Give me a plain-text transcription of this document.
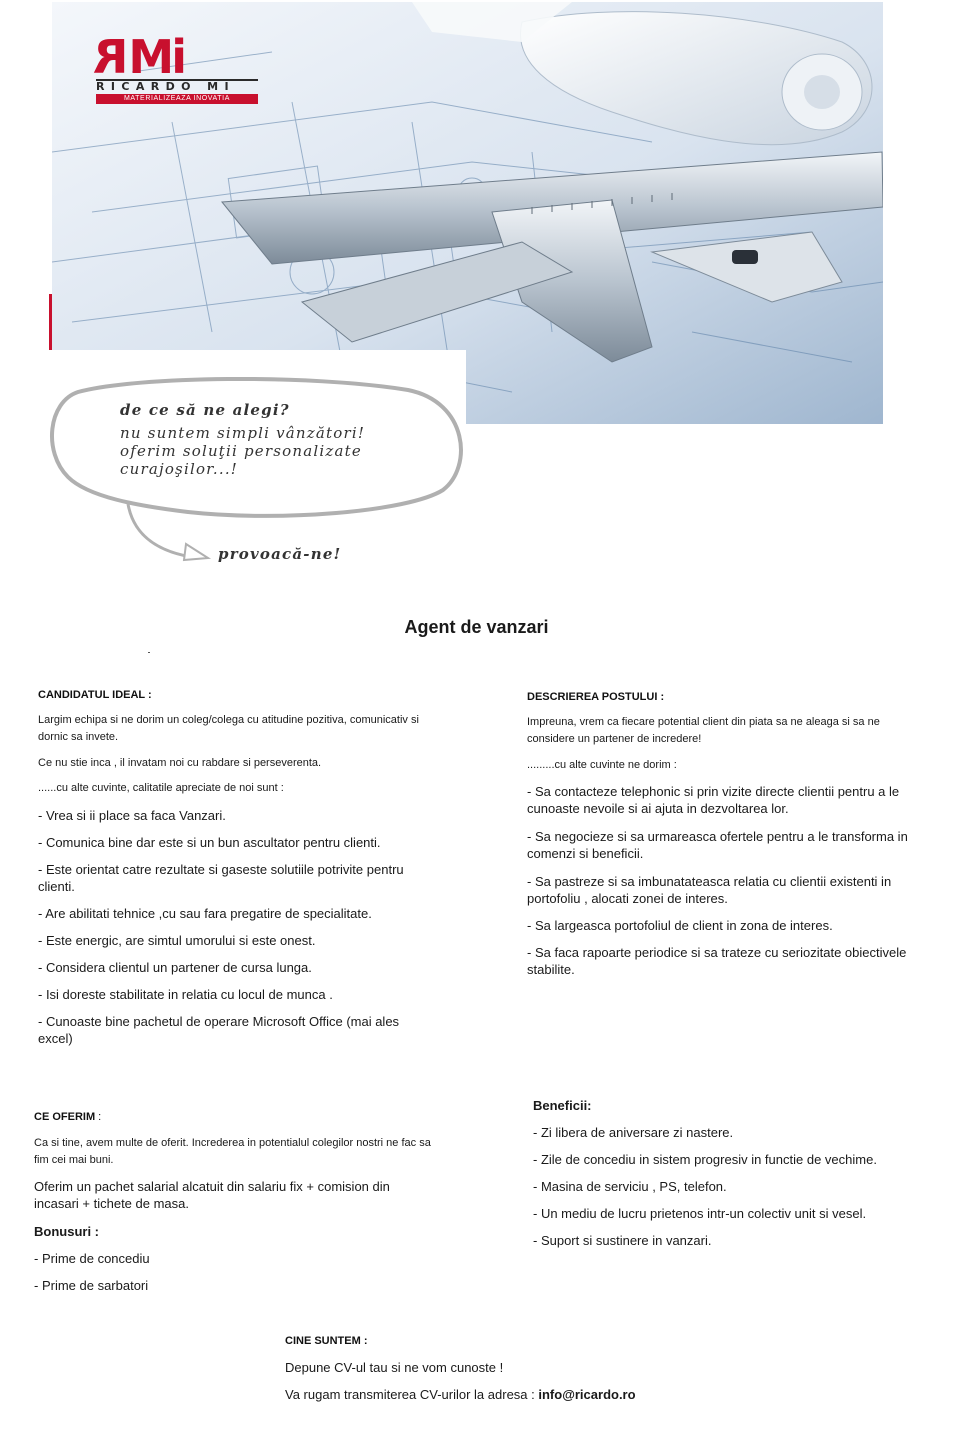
RMi
RICARDO MI
MATERIALIZEAZA INOVATIA
de ce să ne alegi?
nu suntem simpli vânzători!
oferim soluţii personalizate
curajoşilor...!
provoacă-ne!
Agent de vanzari

CANDIDATUL IDEAL :

Largim echipa si ne dorim un coleg/colega cu atitudine pozitiva, comunicativ si dornic sa invete.

Ce nu stie inca , il invatam noi cu rabdare si perseverenta.

......cu alte cuvinte, calitatile apreciate de noi sunt :

- Vrea si ii place sa faca Vanzari.

- Comunica bine dar este si un bun ascultator pentru clienti.

- Este orientat catre rezultate si gaseste solutiile potrivite pentru clienti.

- Are abilitati tehnice ,cu sau fara pregatire de specialitate.

- Este energic, are simtul umorului si este onest.

- Considera clientul un partener de cursa lunga.

- Isi doreste stabilitate in relatia cu locul de munca .

- Cunoaste bine pachetul de operare Microsoft Office (mai ales excel)

DESCRIEREA POSTULUI :

Impreuna, vrem ca fiecare potential client din piata sa ne aleaga si sa ne considere un partener de incredere!

.........cu alte cuvinte ne dorim :

- Sa contacteze telephonic si prin vizite directe clientii pentru a le cunoaste nevoile si ai ajuta in dezvoltarea lor.

- Sa negocieze si sa urmareasca ofertele pentru a le transforma in comenzi si beneficii.

- Sa pastreze si sa imbunatateasca relatia cu clientii existenti in portofoliu , alocati zonei de interes.

- Sa largeasca portofoliul de client in zona de interes.

- Sa faca rapoarte periodice si sa trateze cu seriozitate obiectivele stabilite.

CE OFERIM :

Ca si tine, avem multe de oferit. Increderea in potentialul colegilor nostri ne fac sa fim cei mai buni.

Oferim un pachet salarial alcatuit din salariu fix + comision din incasari + tichete de masa.

Bonusuri :

- Prime de concediu

- Prime de sarbatori

Beneficii:

- Zi libera de aniversare zi nastere.

- Zile de concediu in sistem progresiv in functie de vechime.

- Masina de serviciu , PS, telefon.

- Un mediu de lucru prietenos intr-un colectiv unit si vesel.

- Suport si sustinere in vanzari.

CINE SUNTEM :

Depune CV-ul tau si ne vom cunoste !

Va rugam transmiterea CV-urilor la adresa : info@ricardo.ro
